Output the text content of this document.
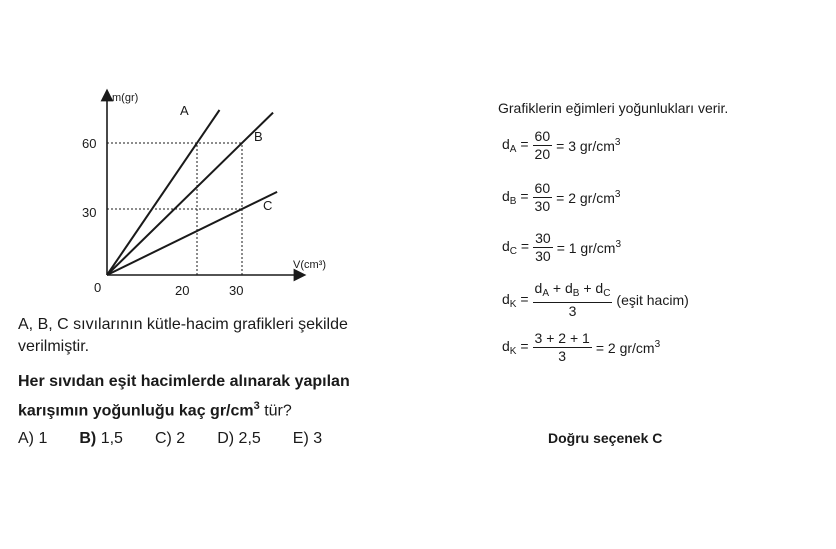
m(gr)
V(cm³)
0
60
30
20	30
A
B
C
A, B, C sıvılarının kütle-hacim grafikleri şekilde
verilmiştir.
Her sıvıdan eşit hacimlerde alınarak yapılan
karışımın yoğunluğu kaç $gr/cm^3$ tür?
A) 1 B) 1,5 C) 2 D) 2,5 E) 3
Grafiklerin eğimleri yoğunlukları verir.
$d_A = \frac{60}{20} = 3$ $gr/cm^3$
$d_B = \frac{60}{30} = 2$ $gr/cm^3$
$d_C = \frac{30}{30} = 1$ $gr/cm^3$
$d_K = \frac{d_A + d_B + d_C}{3}$ (eşit hacim)
$d_K = \frac{3 + 2 + 1}{3} = 2$ $gr/cm^3$
Doğru seçenek C
